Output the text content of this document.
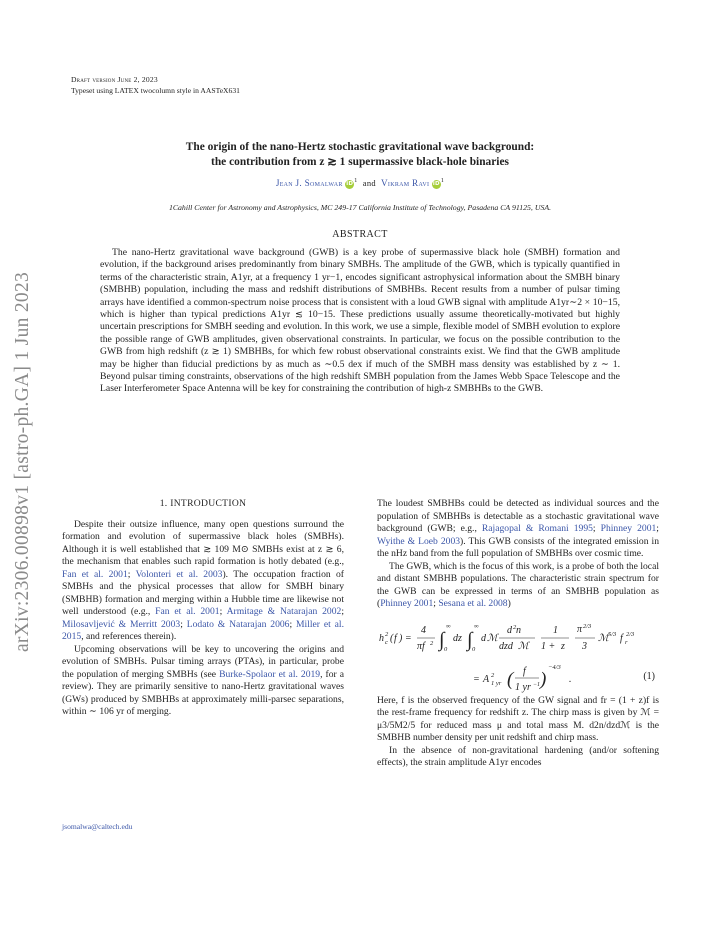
Draft version June 2, 2023
Typeset using LATEX twocolumn style in AASTeX631
The origin of the nano-Hertz stochastic gravitational wave background:
the contribution from z ≳ 1 supermassive black-hole binaries
Jean J. Somalwar $iD^1$ and Vikram Ravi $iD^1$
1Cahill Center for Astronomy and Astrophysics, MC 249-17 California Institute of Technology, Pasadena CA 91125, USA.
ABSTRACT
The nano-Hertz gravitational wave background (GWB) is a key probe of supermassive black hole (SMBH) formation and evolution, if the background arises predominantly from binary SMBHs. The amplitude of the GWB, which is typically quantified in terms of the characteristic strain, A1yr, at a frequency 1 yr−1, encodes significant astrophysical information about the SMBH binary (SMBHB) population, including the mass and redshift distributions of SMBHBs. Recent results from a number of pulsar timing arrays have identified a common-spectrum noise process that is consistent with a loud GWB signal with amplitude A1yr∼2 × 10−15, which is higher than typical predictions A1yr ≲ 10−15. These predictions usually assume theoretically-motivated but highly uncertain prescriptions for SMBH seeding and evolution. In this work, we use a simple, flexible model of SMBH evolution to explore the possible range of GWB amplitudes, given observational constraints. In particular, we focus on the possible contribution to the GWB from high redshift (z ≳ 1) SMBHBs, for which few robust observational constraints exist. We find that the GWB amplitude may be higher than fiducial predictions by as much as ∼0.5 dex if much of the SMBH mass density was established by z ∼ 1. Beyond pulsar timing constraints, observations of the high redshift SMBH population from the James Webb Space Telescope and the Laser Interferometer Space Antenna will be key for constraining the contribution of high-z SMBHBs to the GWB.
arXiv:2306.00898v1 [astro-ph.GA] 1 Jun 2023	1. INTRODUCTION

Despite their outsize influence, many open questions surround the formation and evolution of supermassive black holes (SMBHs). Although it is well established that ≳ 109 M⊙ SMBHs exist at z ≳ 6, the mechanism that enables such rapid formation is hotly debated (e.g., Fan et al. 2001; Volonteri et al. 2003). The occupation fraction of SMBHs and the physical processes that allow for SMBH binary (SMBHB) formation and merging within a Hubble time are likewise not well understood (e.g., Fan et al. 2001; Armitage & Natarajan 2002; Milosavljević & Merritt 2003; Lodato & Natarajan 2006; Miller et al. 2015, and references therein).

Upcoming observations will be key to uncovering the origins and evolution of SMBHs. Pulsar timing arrays (PTAs), in particular, probe the population of merging SMBHs (see Burke-Spolaor et al. 2019, for a review). They are primarily sensitive to nano-Hertz gravitational waves (GWs) produced by SMBHBs at approximately milli-parsec separations, within ∼ 106 yr of merging.

jsomalwa@caltech.edu

The loudest SMBHBs could be detected as individual sources and the population of SMBHBs is detectable as a stochastic gravitational wave background (GWB; e.g., Rajagopal & Romani 1995; Phinney 2001; Wyithe & Loeb 2003). This GWB consists of the integrated emission in the nHz band from the full population of SMBHBs over cosmic time.

The GWB, which is the focus of this work, is a probe of both the local and distant SMBHB populations. The characteristic strain spectrum for the GWB can be expressed in terms of an SMBHB population as (Phinney 2001; Sesana et al. 2008)

h 2
c ( f ) =
4
πf 2 ∫
∞
0
dz ∫
∞
0
d ℳ
d 2 n
dzd ℳ
1
1 + z
π 2/3
3
ℳ 5/3 f r
2/3
= A 2
1 yr ( f
1 yr −1 )
−4/3
.	(1)

Here, f is the observed frequency of the GW signal and fr = (1 + z)f is the rest-frame frequency for redshift z. The chirp mass is given by ℳ = μ3/5M2/5 for reduced mass μ and total mass M. d2n/dzdℳ is the SMBHB number density per unit redshift and chirp mass.

In the absence of non-gravitational hardening (and/or softening effects), the strain amplitude A1yr encodes
